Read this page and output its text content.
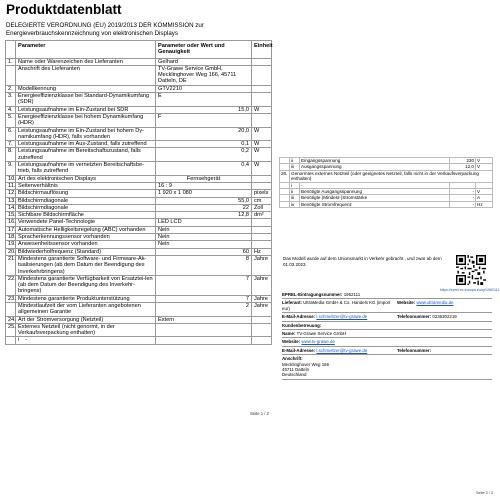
Produktdatenblatt
DELEGIERTE VERORDNUNG (EU) 2019/2013 DER KOMMISSION zur Energieverbrauchskennzeichnung von elektronischen Displays
	Parameter	Parameter oder Wert und Genauigkeit	Einheit
1.	Name oder Warenzeichen des Lieferanten	Gelhard	
	Anschrift des Lieferanten	TV-Grawe Service GmbH, Mecklinghover Weg 166, 45711 Datteln, DE	
2.	Modellkennung	GTV2210	
3.	Energieeffizienzklasse bei Standard-Dynamikumfang (SDR)	E	
4.	Leistungsaufnahme im Ein-Zustand bei SDR	15,0	W
5.	Energieeffizienzklasse bei hohem Dynamikumfang (HDR)	F	
6.	Leistungsaufnahme im Ein-Zustand bei hohem Dy-namikumfang (HDR), falls vorhanden	20,0	W
7.	Leistungsaufnahme im Aus-Zustand, falls zutreffend	0,1	W
8.	Leistungsaufnahme im Bereitschaftszustand, falls zutreffend	0,2	W
9.	Leistungsaufnahme im vernetzten Bereitschaftsbe-trieb, falls zutreffend	0,4	W
10.	Art des elektronischen Displays	Fernsehgerät	
11.	Seitenverhältnis	16 : 9	
12.	Bildschirmauflösung	1 920 x 1 080	pixels
13.	Bildschirmdiagonale	55,0	cm
14.	Bildschirmdiagonale	22	Zoll
15.	Sichtbare Bildschirmfläche	12,8	dm²
16.	Verwendete Panel-Technologie	LED LCD	
17.	Automatische Helligkeitsregelung (ABC) vorhanden	Nein	
18.	Spracherkennungssensor vorhanden	Nein	
19.	Anwesenheitssensor vorhanden	Nein	
20.	Bildwiederholfrequenz (Standard)	60	Hz
21.	Mindestens garantierte Software- und Firmware-Ak-tualisierungen (ab dem Datum der Beendigung des Inverkehrbringens)	8	Jahre
22.	Mindestens garantierte Verfügbarkeit von Ersatztei-len (ab dem Datum der Beendigung des Inverkehr-bringens)	7	Jahre
23.	Mindestens garantierte Produktunterstützung	7	Jahre
	Mindestlaufzeit der vom Lieferanten angebotenen allgemeinen Garantie	2	Jahre
24.	Art der Stromversorgung (Netzteil)	Extern	
25.	Externes Netzteil (nicht genormt, in der Verkaufsverpackung enthalten)		
	i -		
Seite 1 / 2
	ii	Eingangsspannung	230	V
	iii	Ausgangsspannung	12,0	V
26.	Genormtes externes Netzteil (oder geeignetes Netzteil, falls nicht in der Verkaufsverpackung enthalten)			
	i	-		
	ii	Benötigte Ausgangsspannung	-	V
	iii	Benötigte (Mindest-)Stromstärke	-	A
	iv	Benötigte Stromfrequenz	-	Hz
Das Modell wurde auf dem Unionsmarkt in Verkehr gebracht , und zwar ab dem 01.03.2023.
https://eprel.ec.europa.eu/qr/1962111
EPREL-Eintragungsnummer: 1962111
Lieferant: UltraMedia GmbH & Co. Handels KG (import eur)
Website: www.ultramedia.de
E-Mail-Adresse: l.schmeltzer@tv-grawe.de	Telefonnummer: 0236302219
Kundenbetreuung:
Name: TV-Grawe Service GmbH
Website: www.tv-grawe.de
E-Mail-Adresse: l.schmeltzer@tv-grawe.de	Telefonnummer:
Anschrift:
Mecklinghover Weg 166
45711 Datteln
Deutschland
Seite 2 / 2
